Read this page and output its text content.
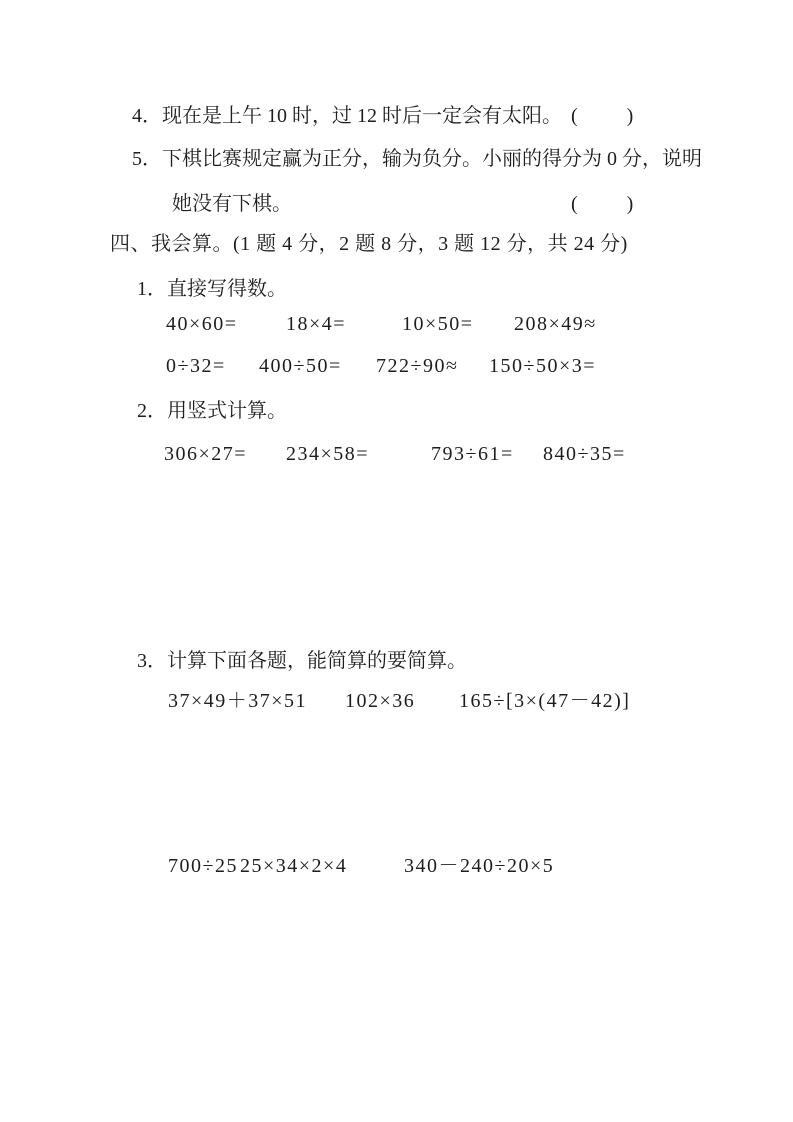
4．现在是上午 10 时，过 12 时后一定会有太阳。 (　　)
5．下棋比赛规定赢为正分，输为负分。小丽的得分为 0 分，说明
她没有下棋。	(　　)
四、我会算。(1 题 4 分，2 题 8 分，3 题 12 分，共 24 分)
1．直接写得数。
40×60= 18×4=	10×50= 208×49≈
0÷32= 400÷50= 722÷90≈ 150÷50×3=
2．用竖式计算。
306×27= 234×58=	793÷61= 840÷35=
3．计算下面各题，能简算的要简算。
37×49＋37×51 102×36 165÷[3×(47－42)]
700÷25 25×34×2×4	340－240÷20×5
